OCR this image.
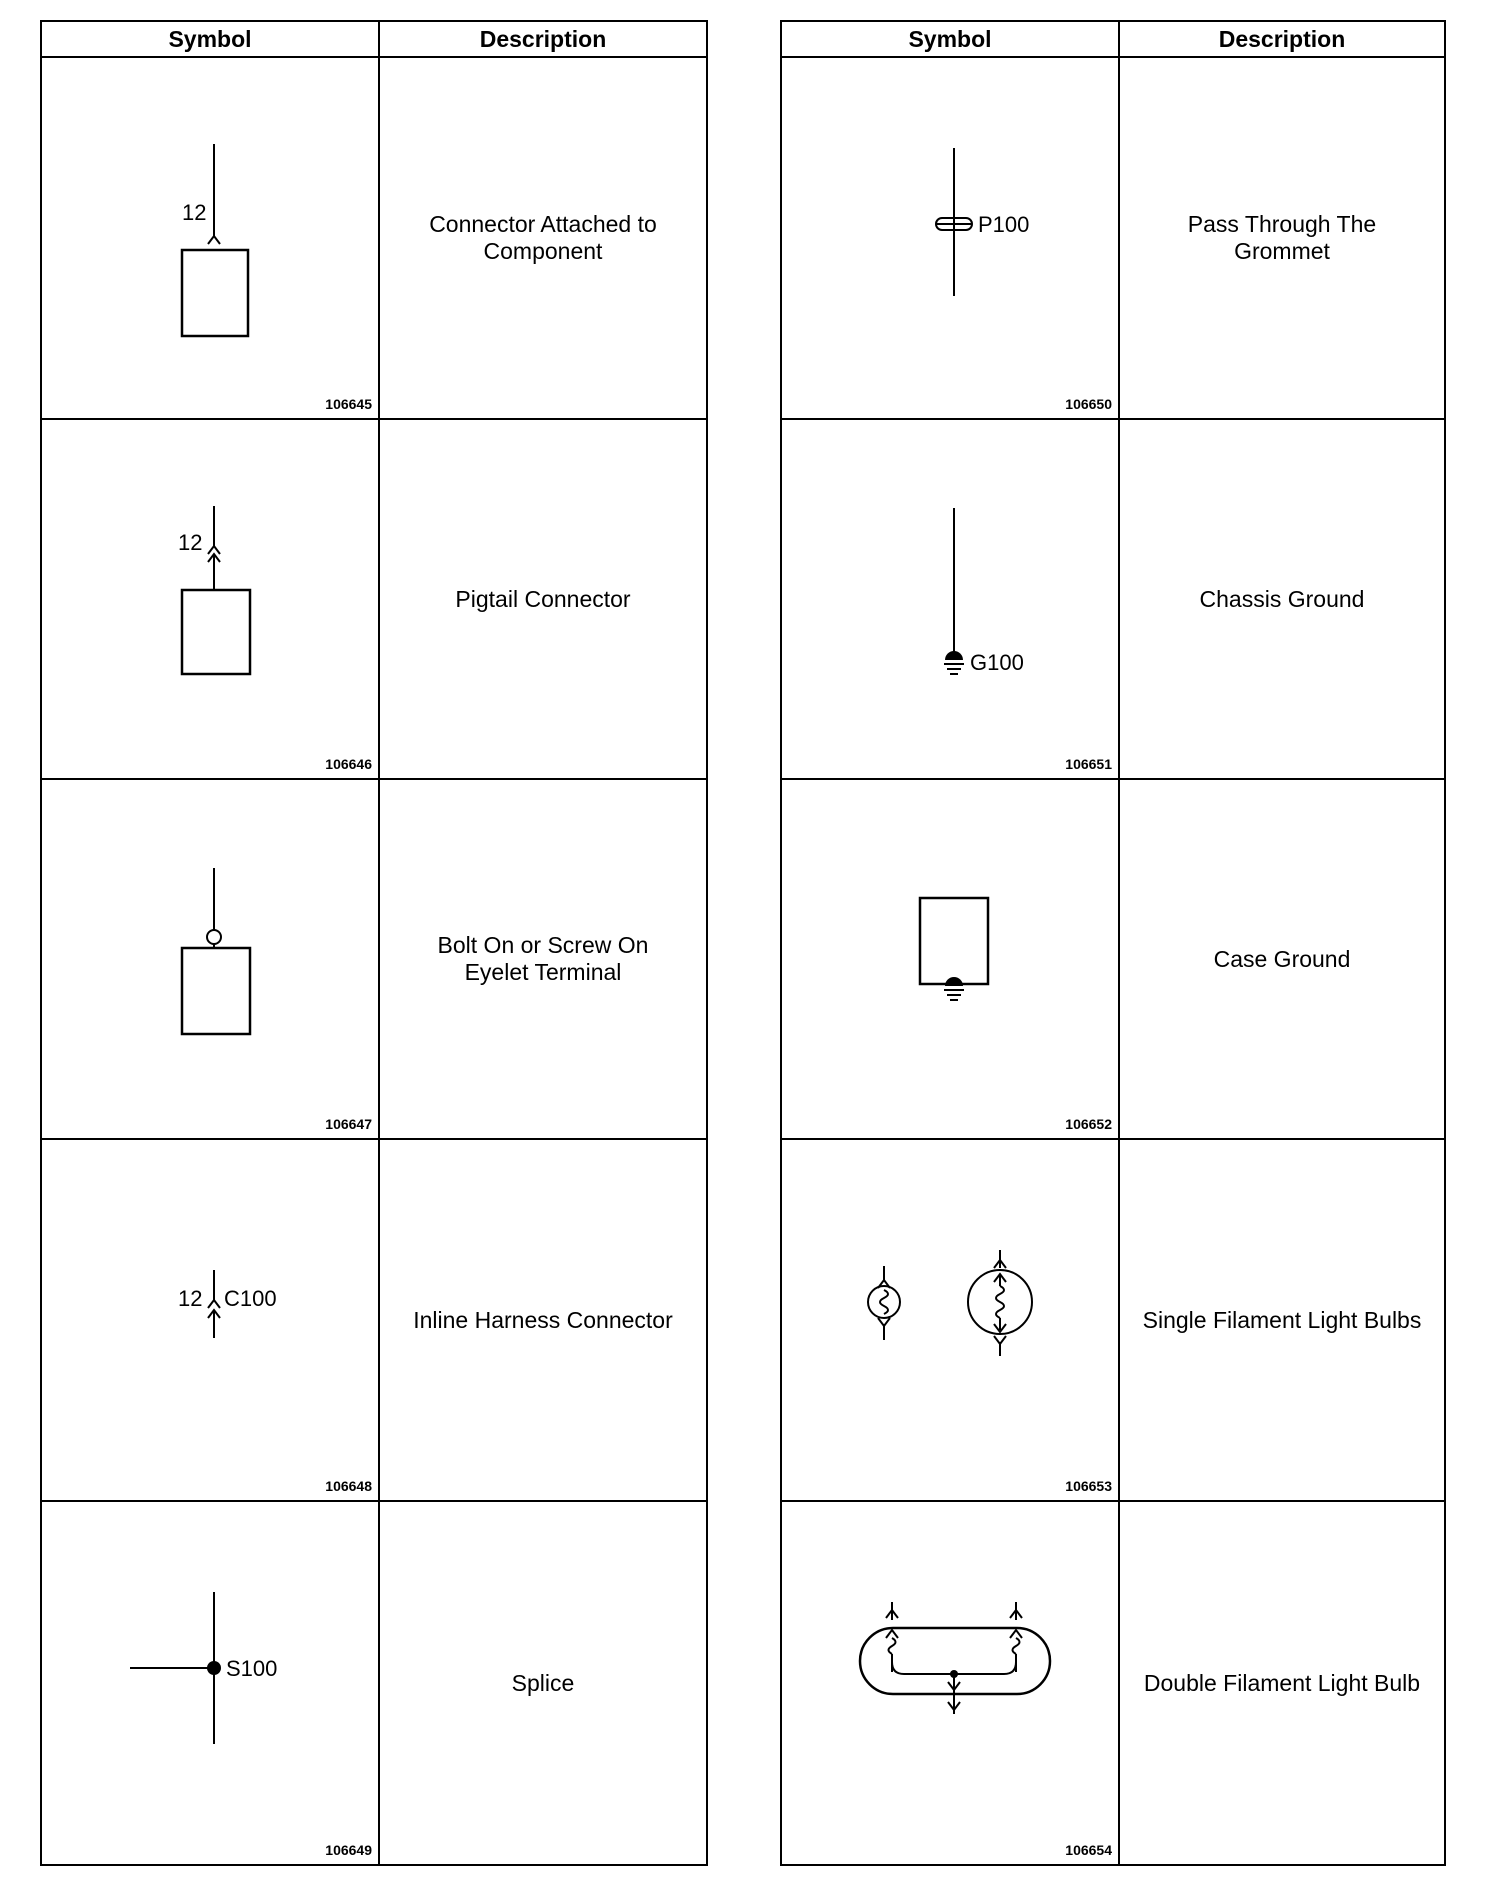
Symbol	Description
12
106645
Connector Attached to
Component
12
106646
Pigtail Connector
106647
Bolt On or Screw On
Eyelet Terminal
12 C100
106648
Inline Harness Connector
S100
106649
Splice
Symbol	Description
P100
106650
Pass Through The
Grommet
G100
106651
Chassis Ground
106652
Case Ground
106653
Single Filament Light Bulbs
106654
Double Filament Light Bulb
